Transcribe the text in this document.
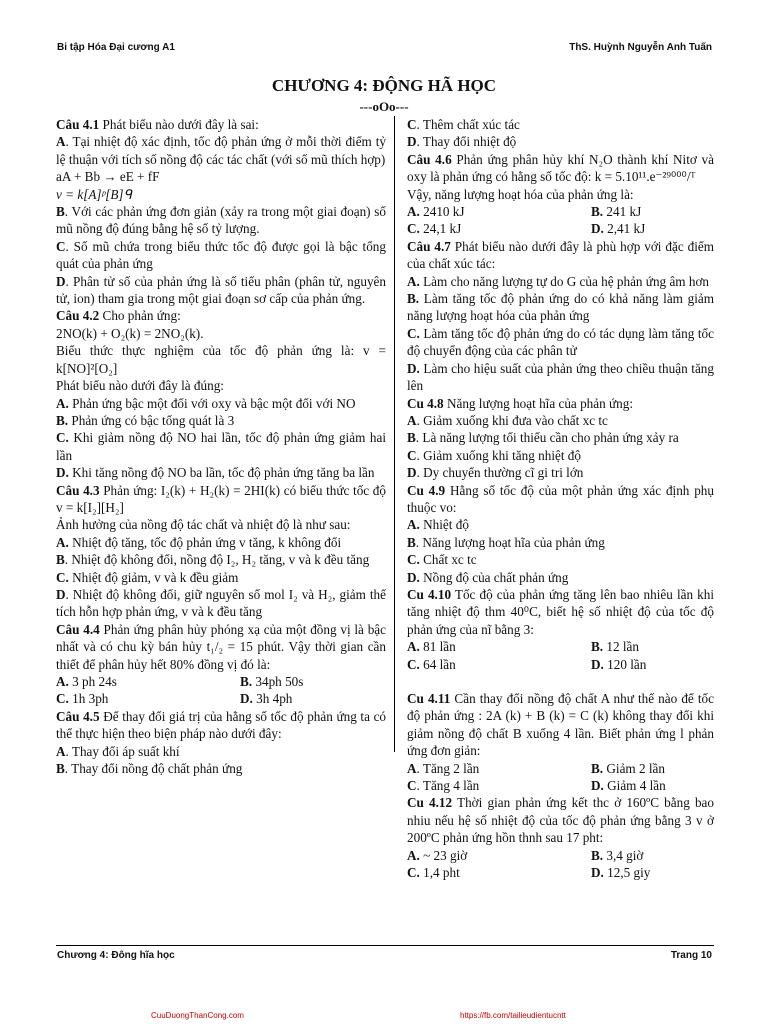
Bi tập Hóa Đại cương A1	ThS. Huỳnh Nguyễn Anh Tuấn
CHƯƠNG 4: ĐỘNG HÃ HỌC
---oOo---

Câu 4.1 Phát biểu nào dưới đây là sai:

A. Tại nhiệt độ xác định, tốc độ phản ứng ở mỗi thời điểm tỷ lệ thuận với tích số nồng độ các tác chất (với số mũ thích hợp)

aA + Bb → eE + fF

v = k[A]ᵖ[B]ᑫ

B. Với các phản ứng đơn giản (xảy ra trong một giai đoạn) số mũ nồng độ đúng bằng hệ số tỷ lượng.

C. Số mũ chứa trong biểu thức tốc độ được gọi là bậc tổng quát của phản ứng

D. Phân tử số của phản ứng là số tiểu phân (phân tử, nguyên tử, ion) tham gia trong một giai đoạn sơ cấp của phản ứng.

Câu 4.2 Cho phản ứng:

2NO(k) + O₂(k) = 2NO₂(k).

Biểu thức thực nghiệm của tốc độ phản ứng là: v = k[NO]²[O₂]

Phát biểu nào dưới đây là đúng:

A. Phản ứng bậc một đối với oxy và bậc một đối với NO

B. Phản ứng có bậc tổng quát là 3

C. Khi giảm nồng độ NO hai lần, tốc độ phản ứng giảm hai lần

D. Khi tăng nồng độ NO ba lần, tốc độ phản ứng tăng ba lần

Câu 4.3 Phản ứng: I₂(k) + H₂(k) = 2HI(k) có biểu thức tốc độ v = k[I₂][H₂]

Ảnh hưởng của nồng độ tác chất và nhiệt độ là như sau:

A. Nhiệt độ tăng, tốc độ phản ứng v tăng, k không đổi

B. Nhiệt độ không đổi, nồng độ I₂, H₂ tăng, v và k đều tăng

C. Nhiệt độ giảm, v và k đều giảm

D. Nhiệt độ không đổi, giữ nguyên số mol I₂ và H₂, giảm thể tích hỗn hợp phản ứng, v và k đều tăng

Câu 4.4 Phản ứng phân hủy phóng xạ của một đồng vị là bậc nhất và có chu kỳ bán hủy t₁/₂ = 15 phút. Vậy thời gian cần thiết để phân hủy hết 80% đồng vị đó là:

A. 3 ph 24s	B. 34ph 50s
C. 1h 3ph	D. 3h 4ph

Câu 4.5 Để thay đổi giá trị của hằng số tốc độ phản ứng ta có thể thực hiện theo biện pháp nào dưới đây:

A. Thay đổi áp suất khí

B. Thay đổi nồng độ chất phản ứng

C. Thêm chất xúc tác

D. Thay đổi nhiệt độ

Câu 4.6 Phản ứng phân hủy khí N₂O thành khí Nitơ và oxy là phản ứng có hằng số tốc độ: k = 5.10¹¹.e⁻²⁹⁰⁰⁰/ᵀ

Vậy, năng lượng hoạt hóa của phản ứng là:

A. 2410 kJ	B. 241 kJ
C. 24,1 kJ	D. 2,41 kJ

Câu 4.7 Phát biểu nào dưới đây là phù hợp với đặc điểm của chất xúc tác:

A. Làm cho năng lượng tự do G của hệ phản ứng âm hơn

B. Làm tăng tốc độ phản ứng do có khả năng làm giảm năng lượng hoạt hóa của phản ứng

C. Làm tăng tốc độ phản ứng do có tác dụng làm tăng tốc độ chuyển động của các phân tử

D. Làm cho hiệu suất của phản ứng theo chiều thuận tăng lên

Cu 4.8 Năng lượng hoạt hĩa của phản ứng:

A. Giảm xuống khi đưa vào chất xc tc

B. Là năng lượng tối thiểu cần cho phản ứng xảy ra

C. Giảm xuống khi tăng nhiệt độ

D. Dy chuyển thường cĩ gi tri lớn

Cu 4.9 Hằng số tốc độ của một phản ứng xác định phụ thuộc vo:

A. Nhiệt độ

B. Năng lượng hoạt hĩa của phản ứng

C. Chất xc tc

D. Nồng độ của chất phản ứng

Cu 4.10 Tốc độ của phản ứng tăng lên bao nhiêu lần khi tăng nhiệt độ thm 40⁰C, biết hệ số nhiệt độ của tốc độ phản ứng của nĩ bằng 3:

A. 81 lần	B. 12 lần
C. 64 lần	D. 120 lần

Cu 4.11 Cần thay đổi nồng độ chất A như thế nào để tốc độ phản ứng : 2A (k) + B (k) = C (k) không thay đổi khi giảm nồng độ chất B xuống 4 lần. Biết phản ứng l phản ứng đơn giản:

A. Tăng 2 lần	B. Giảm 2 lần
C. Tăng 4 lần	D. Giảm 4 lần

Cu 4.12 Thời gian phản ứng kết thc ở 160ºC bằng bao nhiu nếu hệ số nhiệt độ của tốc độ phản ứng bằng 3 v ở 200ºC phản ứng hồn thnh sau 17 pht:

A. ~ 23 giờ	B. 3,4 giờ
C. 1,4 pht	D. 12,5 giy
Chương 4: Đông hĩa học	Trang 10
CuuDuongThanCong.com	https://fb.com/tailieudientucntt
